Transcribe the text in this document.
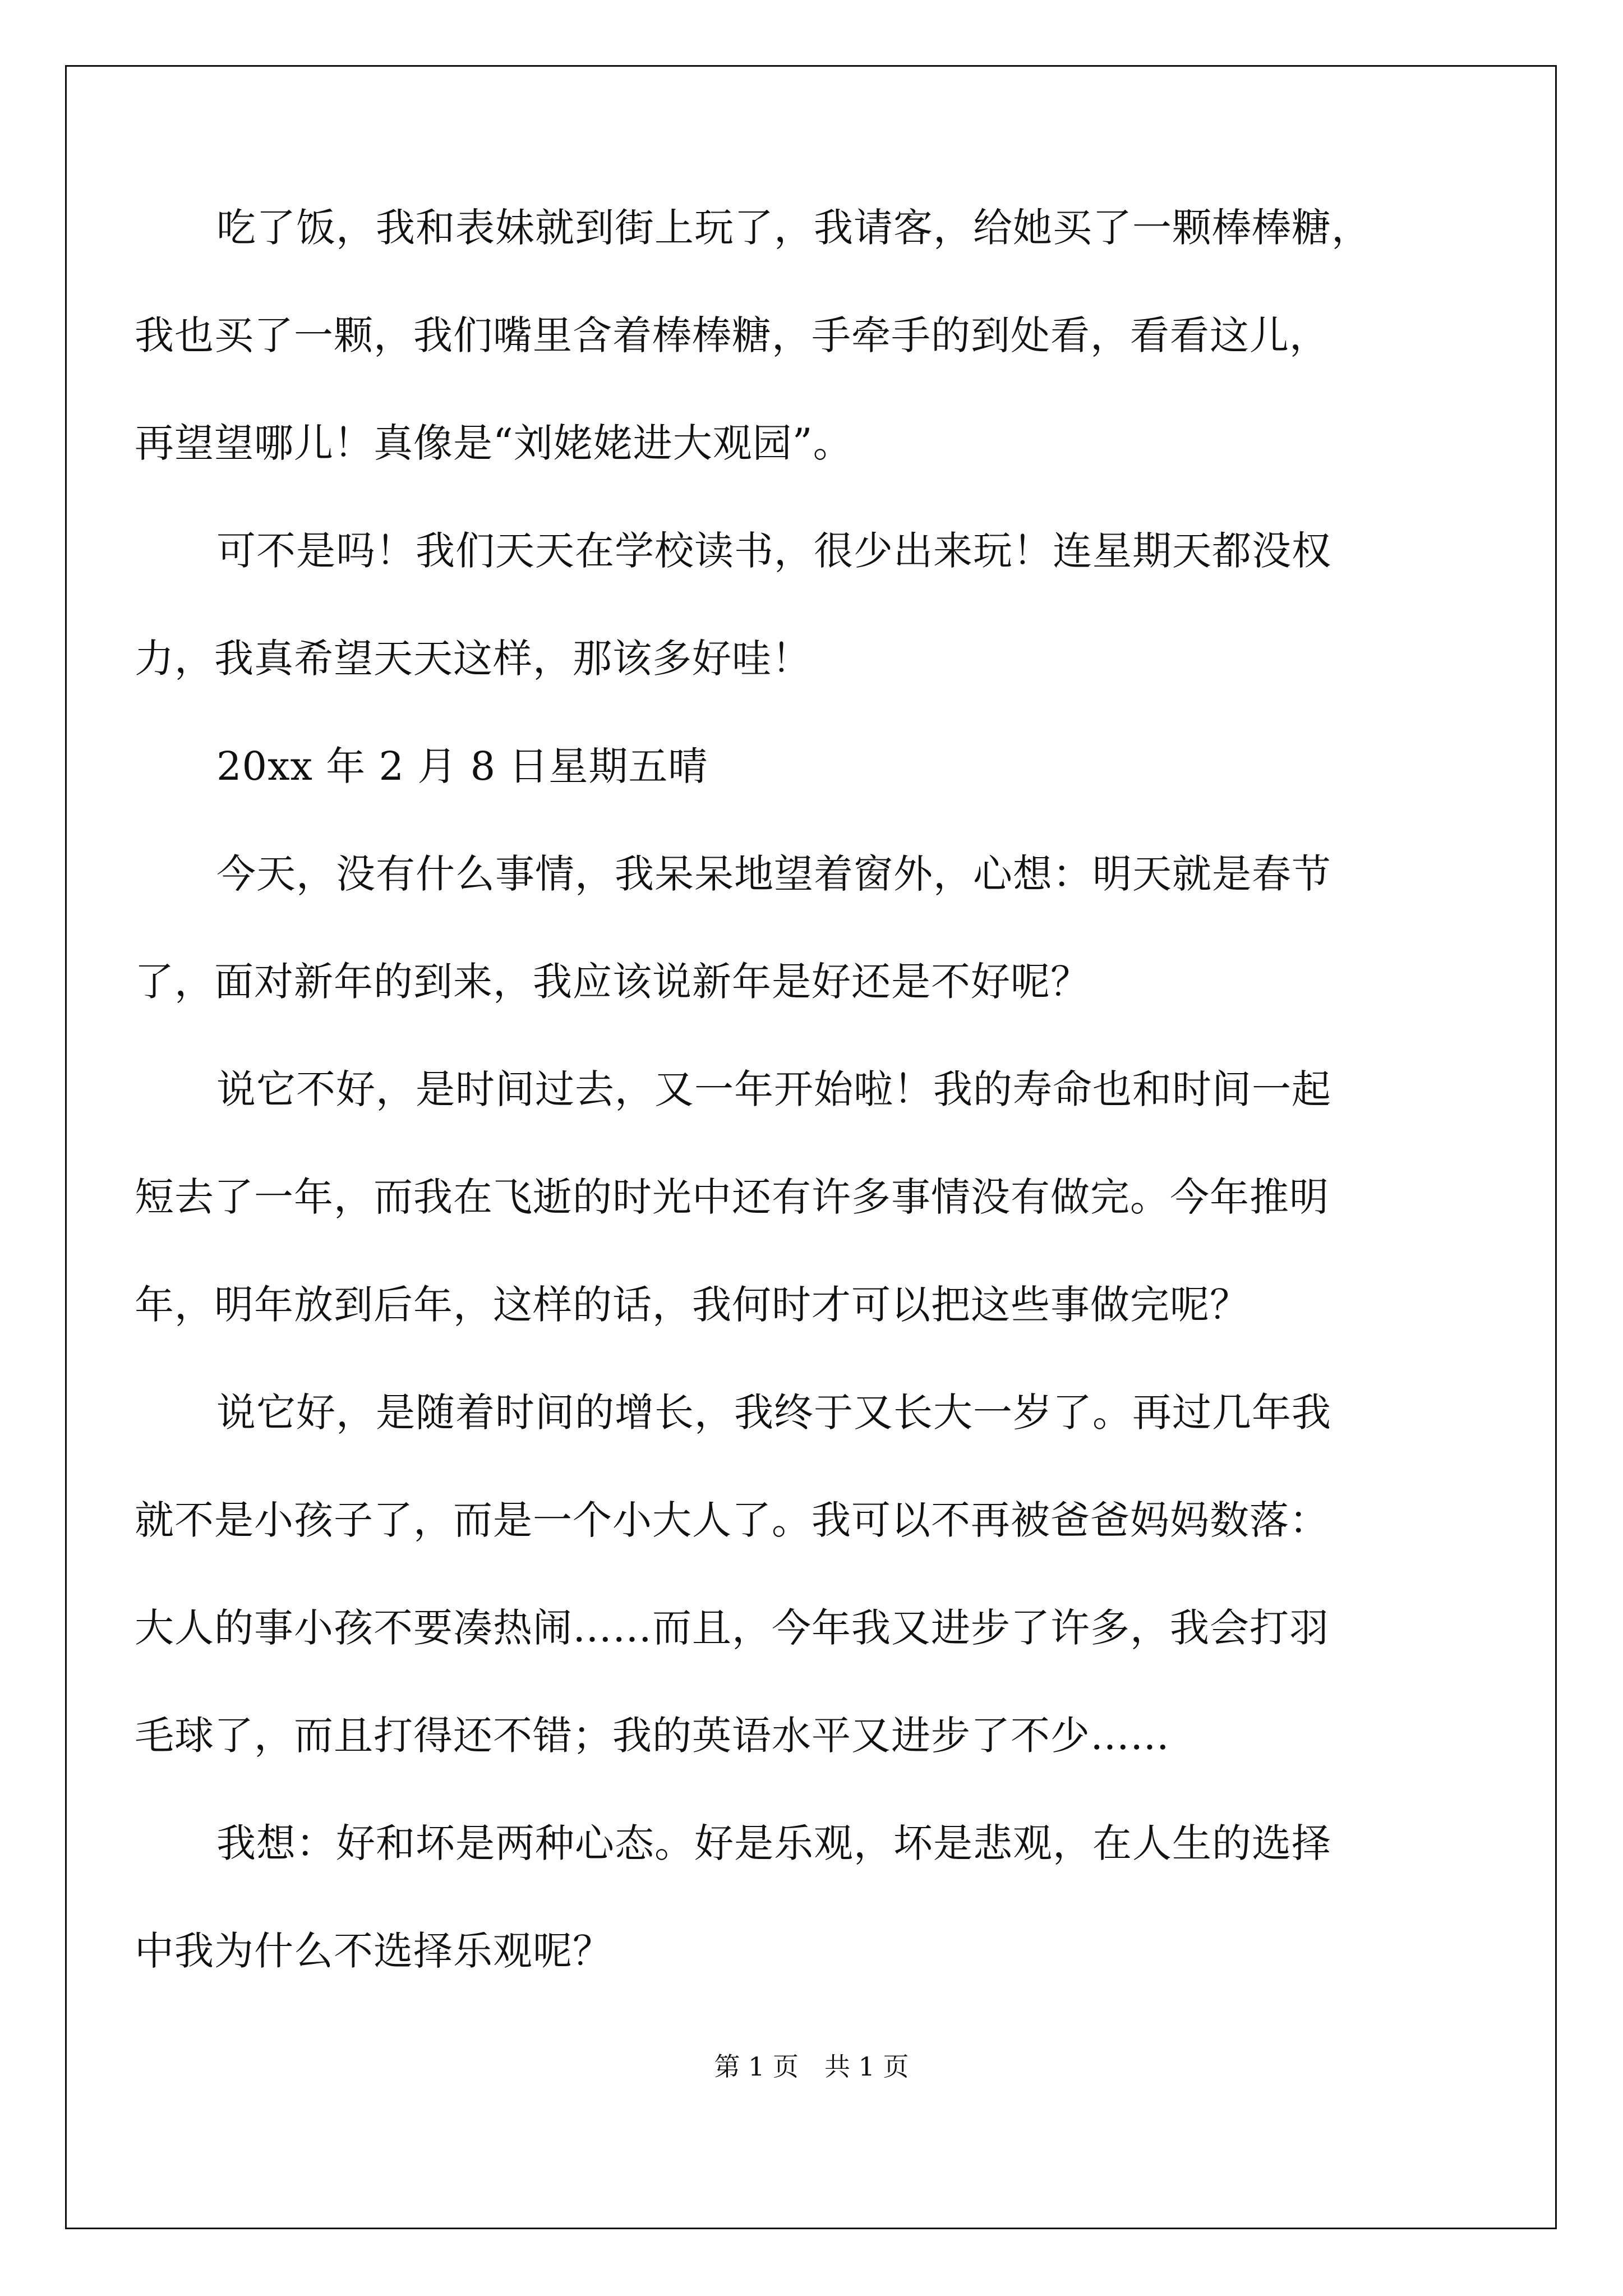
吃了饭，我和表妹就到街上玩了，我请客，给她买了一颗棒棒糖，
我也买了一颗，我们嘴里含着棒棒糖，手牵手的到处看，看看这儿，
再望望哪儿！真像是“刘姥姥进大观园”。
可不是吗！我们天天在学校读书，很少出来玩！连星期天都没权
力，我真希望天天这样，那该多好哇！
20xx 年 2 月 8 日星期五晴
今天，没有什么事情，我呆呆地望着窗外，心想：明天就是春节
了，面对新年的到来，我应该说新年是好还是不好呢？
说它不好，是时间过去，又一年开始啦！我的寿命也和时间一起
短去了一年，而我在飞逝的时光中还有许多事情没有做完。今年推明
年，明年放到后年，这样的话，我何时才可以把这些事做完呢？
说它好，是随着时间的增长，我终于又长大一岁了。再过几年我
就不是小孩子了，而是一个小大人了。我可以不再被爸爸妈妈数落：
大人的事小孩不要凑热闹……而且，今年我又进步了许多，我会打羽
毛球了，而且打得还不错；我的英语水平又进步了不少……
我想：好和坏是两种心态。好是乐观，坏是悲观，在人生的选择
中我为什么不选择乐观呢？
第 1 页　共 1 页
